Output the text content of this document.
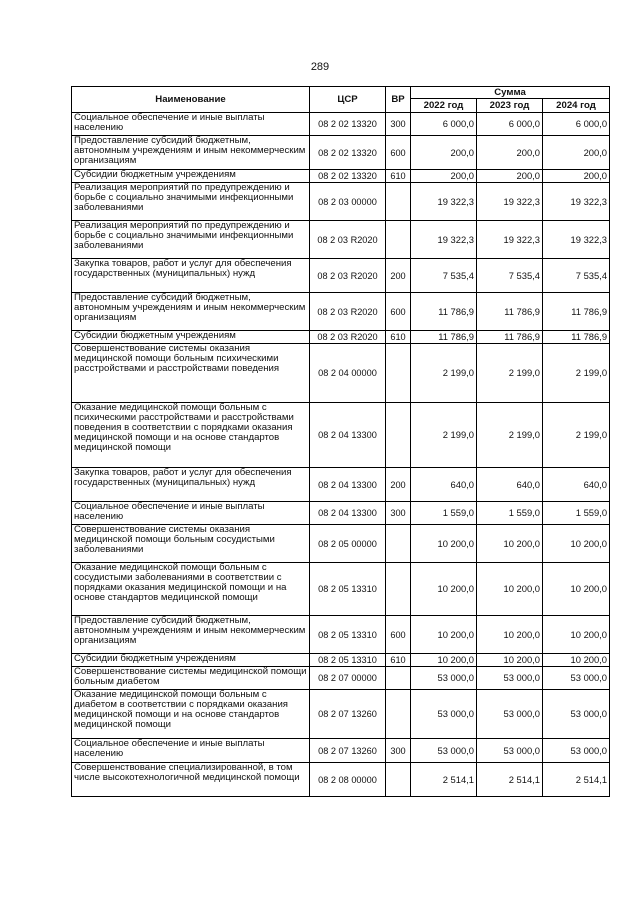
289
Наименование	ЦСР	ВР	Сумма		
			2022 год	2023 год	2024 год
Социальное обеспечение и иные выплаты населению	08 2 02 13320	300	6 000,0	6 000,0	6 000,0
Предоставление субсидий бюджетным, автономным учреждениям и иным некоммерческим организациям	08 2 02 13320	600	200,0	200,0	200,0
Субсидии бюджетным учреждениям	08 2 02 13320	610	200,0	200,0	200,0
Реализация мероприятий по предупреждению и борьбе с социально значимыми инфекционными заболеваниями	08 2 03 00000		19 322,3	19 322,3	19 322,3
Реализация мероприятий по предупреждению и борьбе с социально значимыми инфекционными заболеваниями	08 2 03 R2020		19 322,3	19 322,3	19 322,3
Закупка товаров, работ и услуг для обеспечения государственных (муниципальных) нужд	08 2 03 R2020	200	7 535,4	7 535,4	7 535,4
Предоставление субсидий бюджетным, автономным учреждениям и иным некоммерческим организациям	08 2 03 R2020	600	11 786,9	11 786,9	11 786,9
Субсидии бюджетным учреждениям	08 2 03 R2020	610	11 786,9	11 786,9	11 786,9
Совершенствование системы оказания медицинской помощи больным психическими расстройствами и расстройствами поведения	08 2 04 00000		2 199,0	2 199,0	2 199,0
Оказание медицинской помощи больным с психическими расстройствами и расстройствами поведения в соответствии с порядками оказания медицинской помощи и на основе стандартов медицинской помощи	08 2 04 13300		2 199,0	2 199,0	2 199,0
Закупка товаров, работ и услуг для обеспечения государственных (муниципальных) нужд	08 2 04 13300	200	640,0	640,0	640,0
Социальное обеспечение и иные выплаты населению	08 2 04 13300	300	1 559,0	1 559,0	1 559,0
Совершенствование системы оказания медицинской помощи больным сосудистыми заболеваниями	08 2 05 00000		10 200,0	10 200,0	10 200,0
Оказание медицинской помощи больным с сосудистыми заболеваниями в соответствии с порядками оказания медицинской помощи и на основе стандартов медицинской помощи	08 2 05 13310		10 200,0	10 200,0	10 200,0
Предоставление субсидий бюджетным, автономным учреждениям и иным некоммерческим организациям	08 2 05 13310	600	10 200,0	10 200,0	10 200,0
Субсидии бюджетным учреждениям	08 2 05 13310	610	10 200,0	10 200,0	10 200,0
Совершенствование системы медицинской помощи больным диабетом	08 2 07 00000		53 000,0	53 000,0	53 000,0
Оказание медицинской помощи больным с диабетом в соответствии с порядками оказания медицинской помощи и на основе стандартов медицинской помощи	08 2 07 13260		53 000,0	53 000,0	53 000,0
Социальное обеспечение и иные выплаты населению	08 2 07 13260	300	53 000,0	53 000,0	53 000,0
Совершенствование специализированной, в том числе высокотехнологичной медицинской помощи	08 2 08 00000		2 514,1	2 514,1	2 514,1
